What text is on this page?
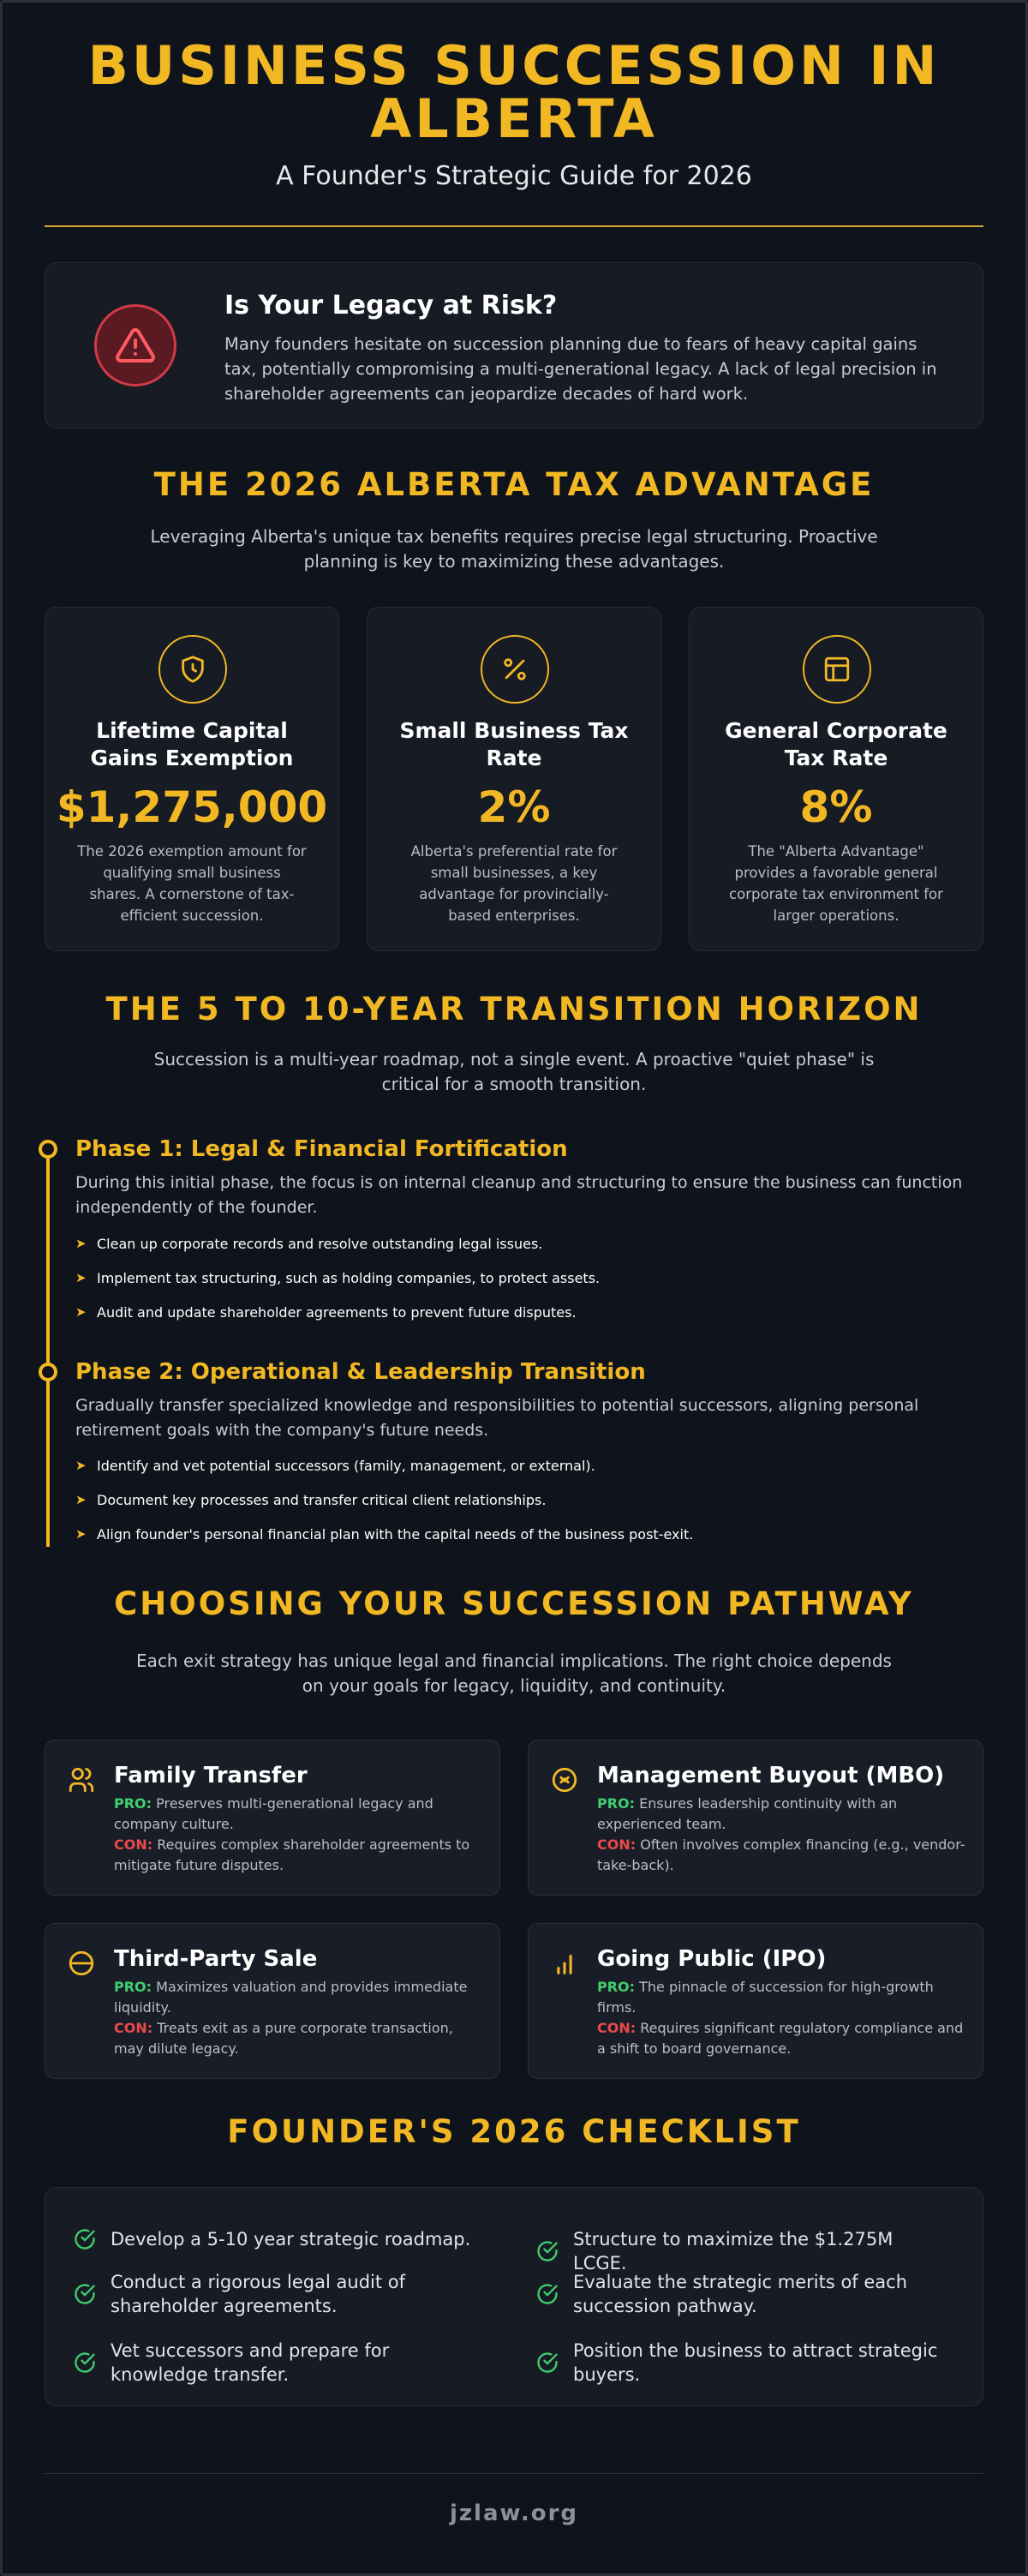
BUSINESS SUCCESSION IN ALBERTA
A Founder's Strategic Guide for 2026
Is Your Legacy at Risk?
Many founders hesitate on succession planning due to fears of heavy capital gains tax, potentially compromising a multi-generational legacy. A lack of legal precision in shareholder agreements can jeopardize decades of hard work.
THE 2026 ALBERTA TAX ADVANTAGE
Leveraging Alberta's unique tax benefits requires precise legal structuring. Proactive planning is key to maximizing these advantages.
Lifetime Capital Gains Exemption
$1,275,000
The 2026 exemption amount for qualifying small business shares. A cornerstone of tax-efficient succession.
Small Business Tax Rate
2%
Alberta's preferential rate for small businesses, a key advantage for provincially-based enterprises.
General Corporate Tax Rate
8%
The "Alberta Advantage" provides a favorable general corporate tax environment for larger operations.
THE 5 TO 10-YEAR TRANSITION HORIZON
Succession is a multi-year roadmap, not a single event. A proactive "quiet phase" is critical for a smooth transition.
Phase 1: Legal & Financial Fortification
During this initial phase, the focus is on internal cleanup and structuring to ensure the business can function independently of the founder.
➤ Clean up corporate records and resolve outstanding legal issues.
➤ Implement tax structuring, such as holding companies, to protect assets.
➤ Audit and update shareholder agreements to prevent future disputes.
Phase 2: Operational & Leadership Transition
Gradually transfer specialized knowledge and responsibilities to potential successors, aligning personal retirement goals with the company's future needs.
➤ Identify and vet potential successors (family, management, or external).
➤ Document key processes and transfer critical client relationships.
➤ Align founder's personal financial plan with the capital needs of the business post-exit.
CHOOSING YOUR SUCCESSION PATHWAY
Each exit strategy has unique legal and financial implications. The right choice depends on your goals for legacy, liquidity, and continuity.
Family Transfer
PRO: Preserves multi-generational legacy and company culture.
CON: Requires complex shareholder agreements to mitigate future disputes.
Management Buyout (MBO)
PRO: Ensures leadership continuity with an experienced team.
CON: Often involves complex financing (e.g., vendor-take-back).
Third-Party Sale
PRO: Maximizes valuation and provides immediate liquidity.
CON: Treats exit as a pure corporate transaction, may dilute legacy.
Going Public (IPO)
PRO: The pinnacle of succession for high-growth firms.
CON: Requires significant regulatory compliance and a shift to board governance.
FOUNDER'S 2026 CHECKLIST
Develop a 5-10 year strategic roadmap.	Structure to maximize the $1.275M LCGE.
Conduct a rigorous legal audit of shareholder agreements.
Evaluate the strategic merits of each succession pathway.
Vet successors and prepare for knowledge transfer.
Position the business to attract strategic buyers.
jzlaw.org
